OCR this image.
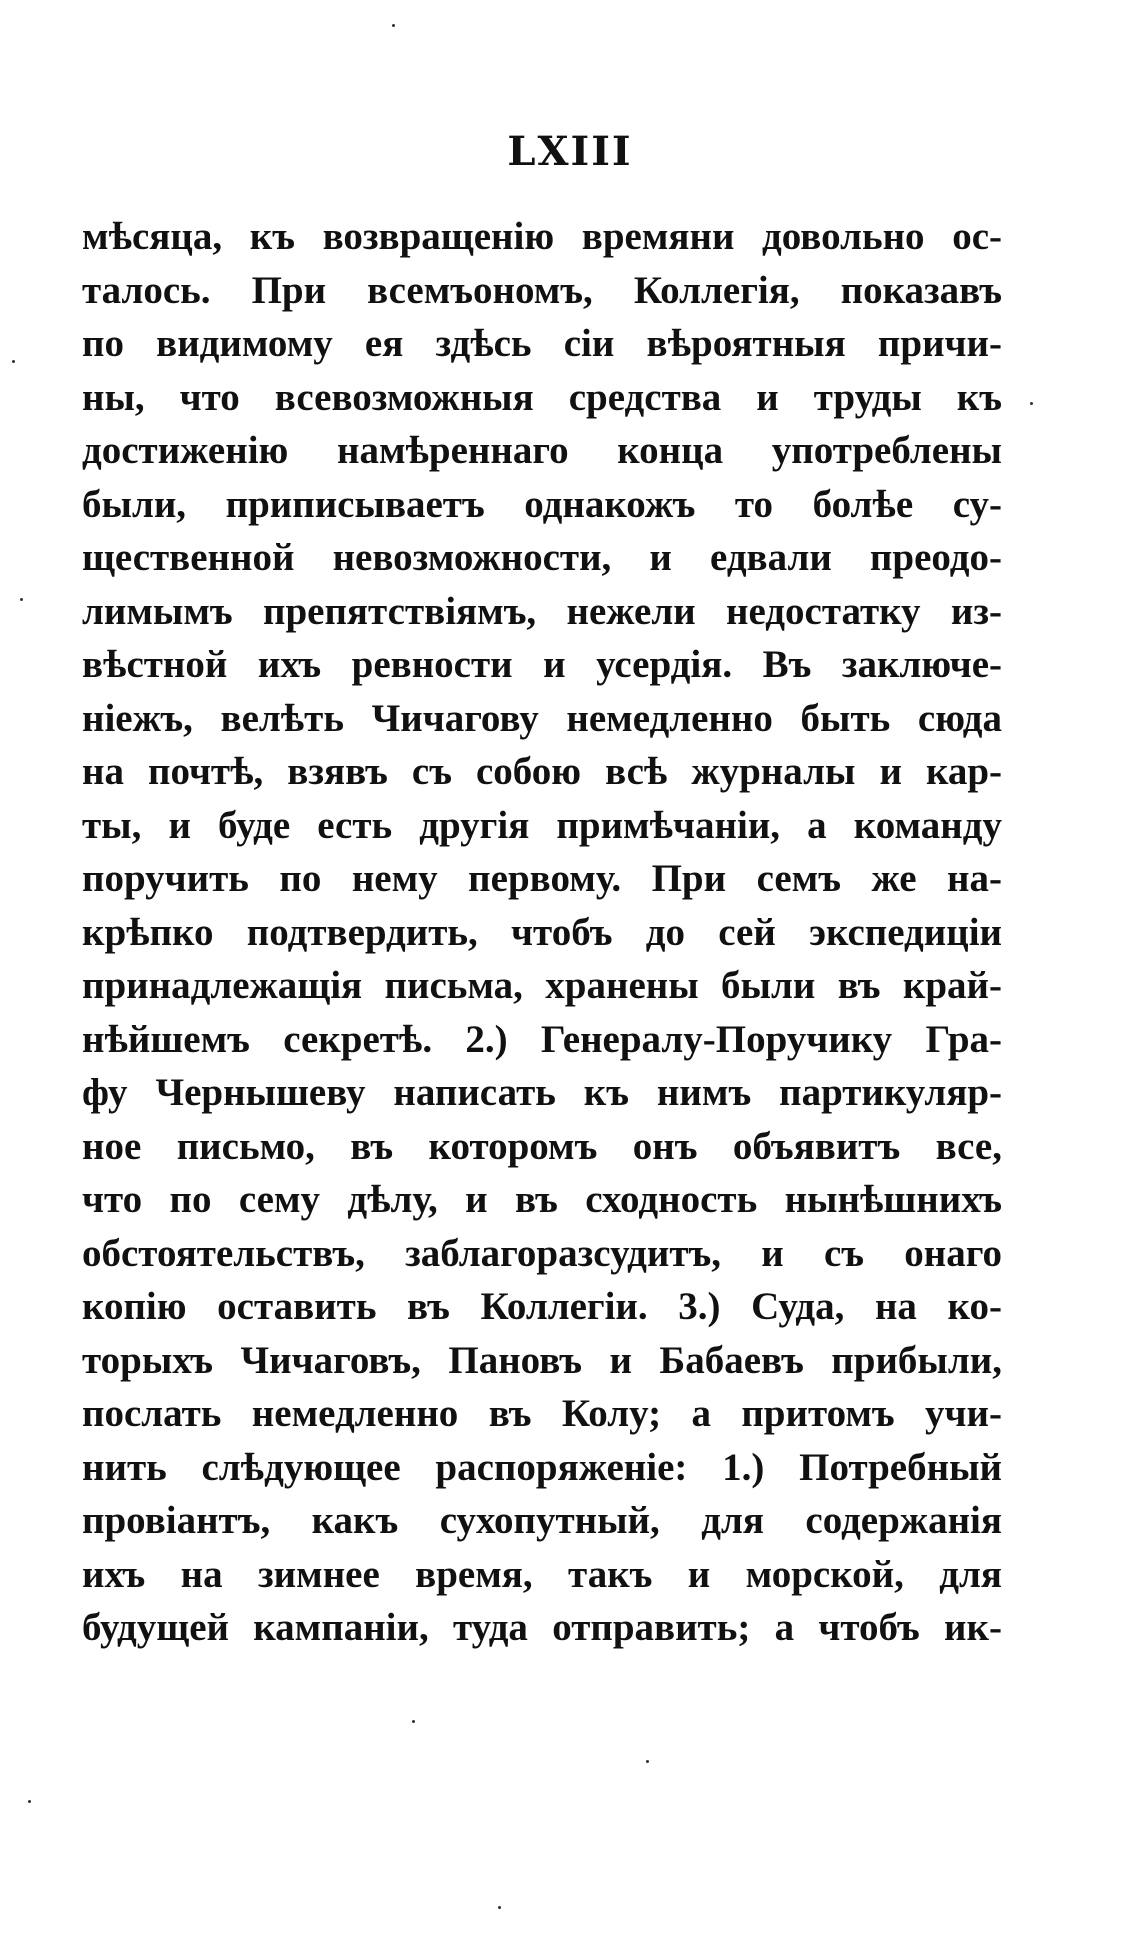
LXIII
мѣсяца, къ возвращенію времяни довольно ос-
талось. При всемъономъ, Коллегія, показавъ
по видимому ея здѣсь сіи вѣроятныя причи-
ны, что всевозможныя средства и труды къ
достиженію намѣреннаго конца употреблены
были, приписываетъ однакожъ то болѣе су-
щественной невозможности, и едвали преодо-
лимымъ препятствіямъ, нежели недостатку из-
вѣстной ихъ ревности и усердія. Въ заключе-
ніежъ, велѣть Чичагову немедленно быть сюда
на почтѣ, взявъ съ собою всѣ журналы и кар-
ты, и буде есть другія примѣчаніи, а команду
поручить по нему первому. При семъ же на-
крѣпко подтвердить, чтобъ до сей экспедиціи
принадлежащія письма, хранены были въ край-
нѣйшемъ секретѣ. 2.) Генералу-Поручику Гра-
фу Чернышеву написать къ нимъ партикуляр-
ное письмо, въ которомъ онъ объявитъ все,
что по сему дѣлу, и въ сходность нынѣшнихъ
обстоятельствъ, заблагоразсудитъ, и съ онаго
копію оставить въ Коллегіи. 3.) Суда, на ко-
торыхъ Чичаговъ, Пановъ и Бабаевъ прибыли,
послать немедленно въ Колу; а притомъ учи-
нить слѣдующее распоряженіе: 1.) Потребный
провіантъ, какъ сухопутный, для содержанія
ихъ на зимнее время, такъ и морской, для
будущей кампаніи, туда отправить; а чтобъ ик-
